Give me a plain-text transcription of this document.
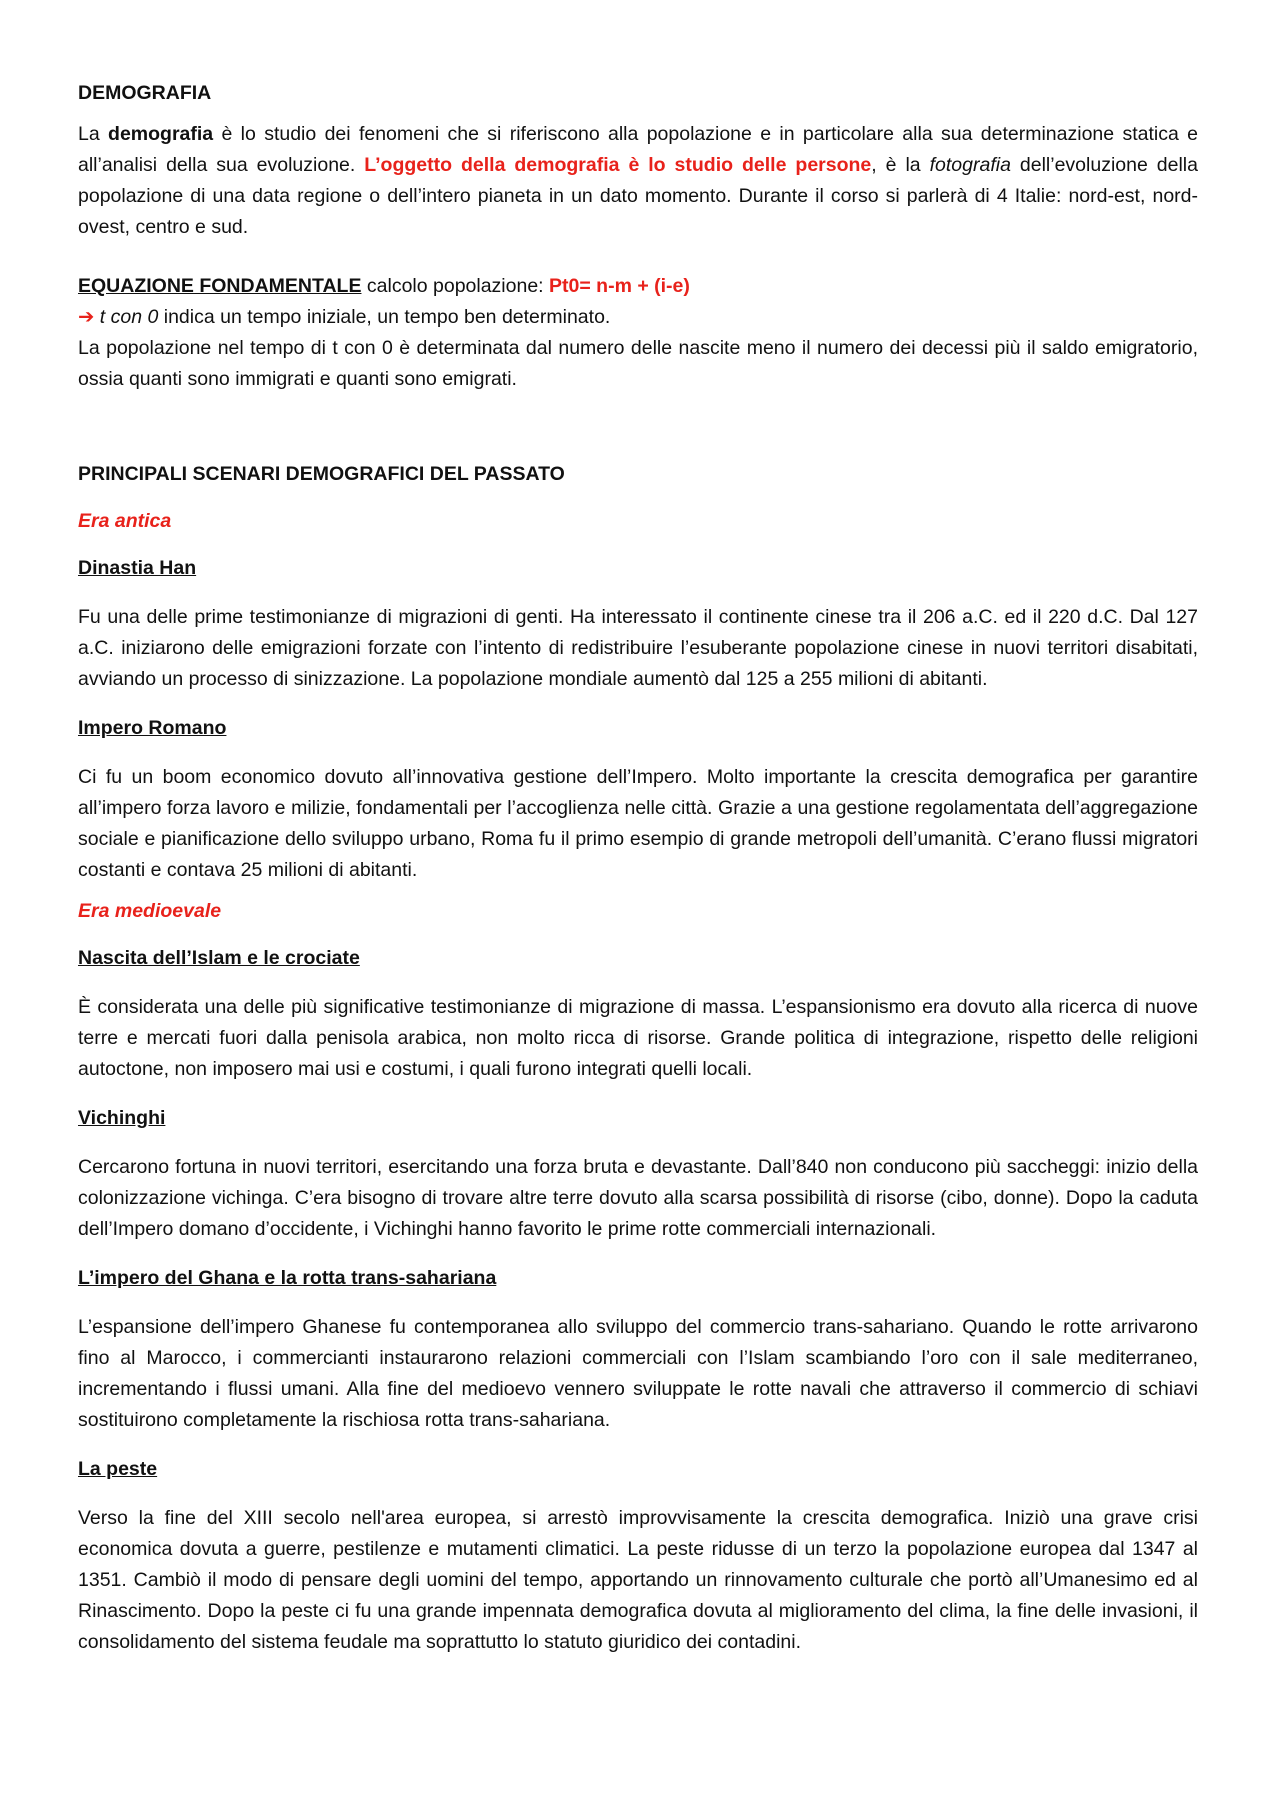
DEMOGRAFIA

La demografia è lo studio dei fenomeni che si riferiscono alla popolazione e in particolare alla sua determinazione statica e all’analisi della sua evoluzione. L’oggetto della demografia è lo studio delle persone, è la fotografia dell’evoluzione della popolazione di una data regione o dell’intero pianeta in un dato momento. Durante il corso si parlerà di 4 Italie: nord-est, nord-ovest, centro e sud.

EQUAZIONE FONDAMENTALE calcolo popolazione: Pt0= n-m + (i-e)

➔ t con 0 indica un tempo iniziale, un tempo ben determinato.

La popolazione nel tempo di t con 0 è determinata dal numero delle nascite meno il numero dei decessi più il saldo emigratorio, ossia quanti sono immigrati e quanti sono emigrati.

PRINCIPALI SCENARI DEMOGRAFICI DEL PASSATO

Era antica

Dinastia Han

Fu una delle prime testimonianze di migrazioni di genti. Ha interessato il continente cinese tra il 206 a.C. ed il 220 d.C. Dal 127 a.C. iniziarono delle emigrazioni forzate con l’intento di redistribuire l’esuberante popolazione cinese in nuovi territori disabitati, avviando un processo di sinizzazione. La popolazione mondiale aumentò dal 125 a 255 milioni di abitanti.

Impero Romano

Ci fu un boom economico dovuto all’innovativa gestione dell’Impero. Molto importante la crescita demografica per garantire all’impero forza lavoro e milizie, fondamentali per l’accoglienza nelle città. Grazie a una gestione regolamentata dell’aggregazione sociale e pianificazione dello sviluppo urbano, Roma fu il primo esempio di grande metropoli dell’umanità. C’erano flussi migratori costanti e contava 25 milioni di abitanti.

Era medioevale

Nascita dell’Islam e le crociate

È considerata una delle più significative testimonianze di migrazione di massa. L’espansionismo era dovuto alla ricerca di nuove terre e mercati fuori dalla penisola arabica, non molto ricca di risorse. Grande politica di integrazione, rispetto delle religioni autoctone, non imposero mai usi e costumi, i quali furono integrati quelli locali.

Vichinghi

Cercarono fortuna in nuovi territori, esercitando una forza bruta e devastante. Dall’840 non conducono più saccheggi: inizio della colonizzazione vichinga. C’era bisogno di trovare altre terre dovuto alla scarsa possibilità di risorse (cibo, donne). Dopo la caduta dell’Impero domano d’occidente, i Vichinghi hanno favorito le prime rotte commerciali internazionali.

L’impero del Ghana e la rotta trans-sahariana

L’espansione dell’impero Ghanese fu contemporanea allo sviluppo del commercio trans-sahariano. Quando le rotte arrivarono fino al Marocco, i commercianti instaurarono relazioni commerciali con l’Islam scambiando l’oro con il sale mediterraneo, incrementando i flussi umani. Alla fine del medioevo vennero sviluppate le rotte navali che attraverso il commercio di schiavi sostituirono completamente la rischiosa rotta trans-sahariana.

La peste

Verso la fine del XIII secolo nell'area europea, si arrestò improvvisamente la crescita demografica. Iniziò una grave crisi economica dovuta a guerre, pestilenze e mutamenti climatici. La peste ridusse di un terzo la popolazione europea dal 1347 al 1351. Cambiò il modo di pensare degli uomini del tempo, apportando un rinnovamento culturale che portò all’Umanesimo ed al Rinascimento. Dopo la peste ci fu una grande impennata demografica dovuta al miglioramento del clima, la fine delle invasioni, il consolidamento del sistema feudale ma soprattutto lo statuto giuridico dei contadini.
